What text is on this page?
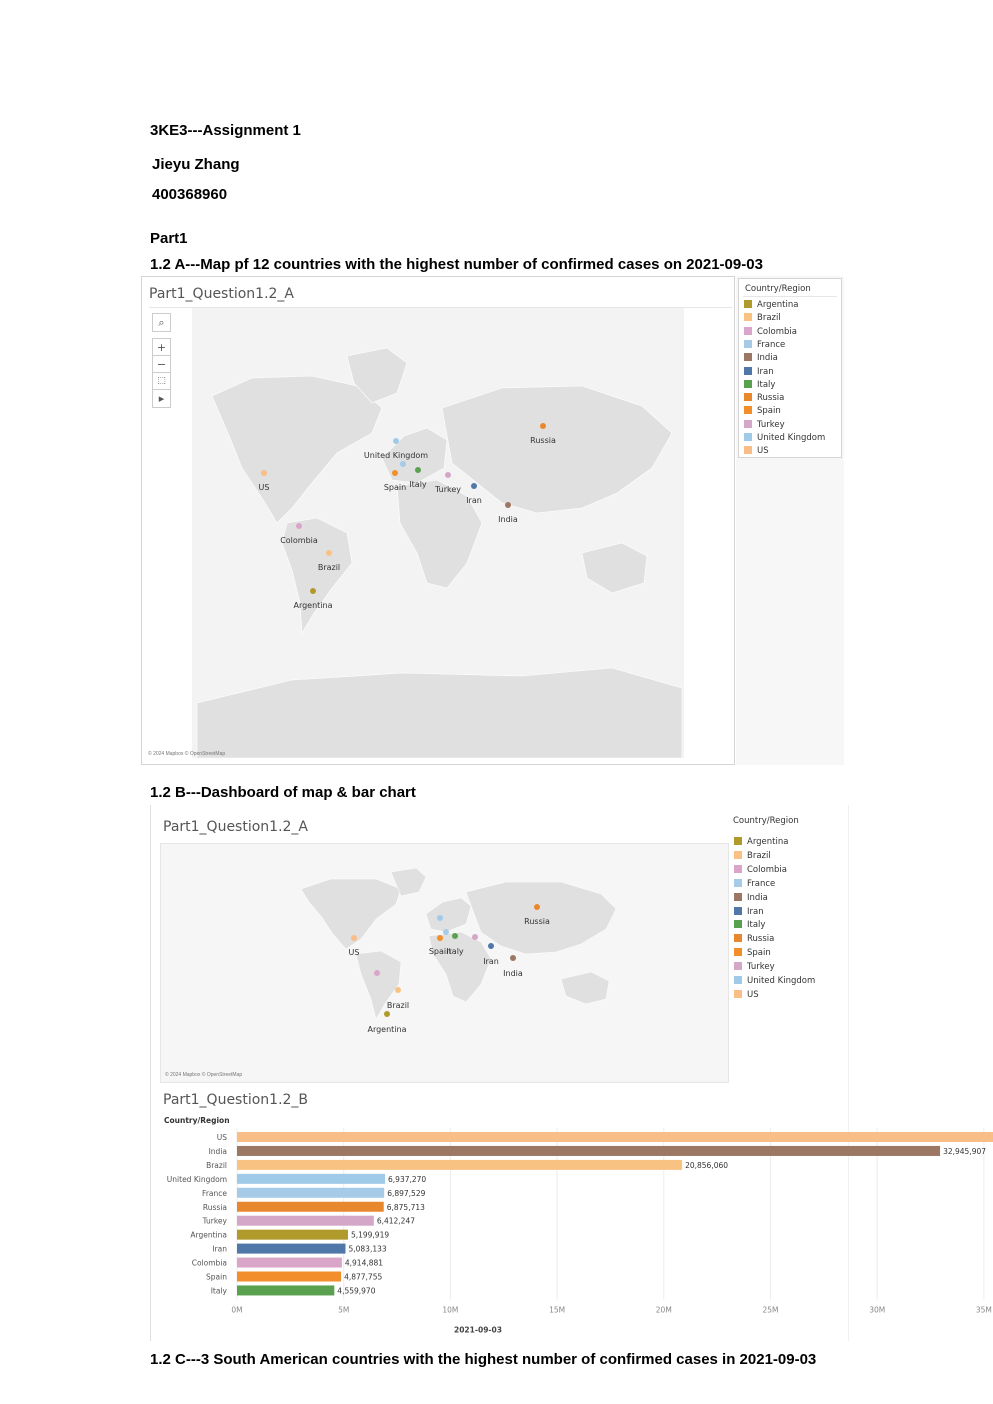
3KE3---Assignment 1
Jieyu Zhang
400368960
Part1
1.2 A---Map pf 12 countries with the highest number of confirmed cases on 2021-09-03
Part1_Question1.2_A
⌕
+
−
⬚
▸
Russia
United Kingdom
US	Spain Italy
Turkey
Iran
India
Colombia
Brazil
Argentina
© 2024 Mapbox © OpenStreetMap
Country/Region
Argentina
Brazil
Colombia
France
India
Iran
Italy
Russia
Spain
Turkey
United Kingdom
US
1.2 B---Dashboard of map & bar chart
Part1_Question1.2_A
Russia
US	Spain
Italy
Iran
India
Brazil
Argentina
© 2024 Mapbox © OpenStreetMap
Country/Region
Argentina
Brazil
Colombia
France
India
Iran
Italy
Russia
Spain
Turkey
United Kingdom
US
Part1_Question1.2_B
Country/Region
0M	5M	10M	15M	20M	25M	30M	35M
US
India	32,945,907
Brazil	20,856,060
United Kingdom	6,937,270
France	6,897,529
Russia	6,875,713
Turkey	6,412,247
Argentina	5,199,919
Iran	5,083,133
Colombia	4,914,881
Spain	4,877,755
Italy	4,559,970
2021-09-03
1.2 C---3 South American countries with the highest number of confirmed cases in 2021-09-03
